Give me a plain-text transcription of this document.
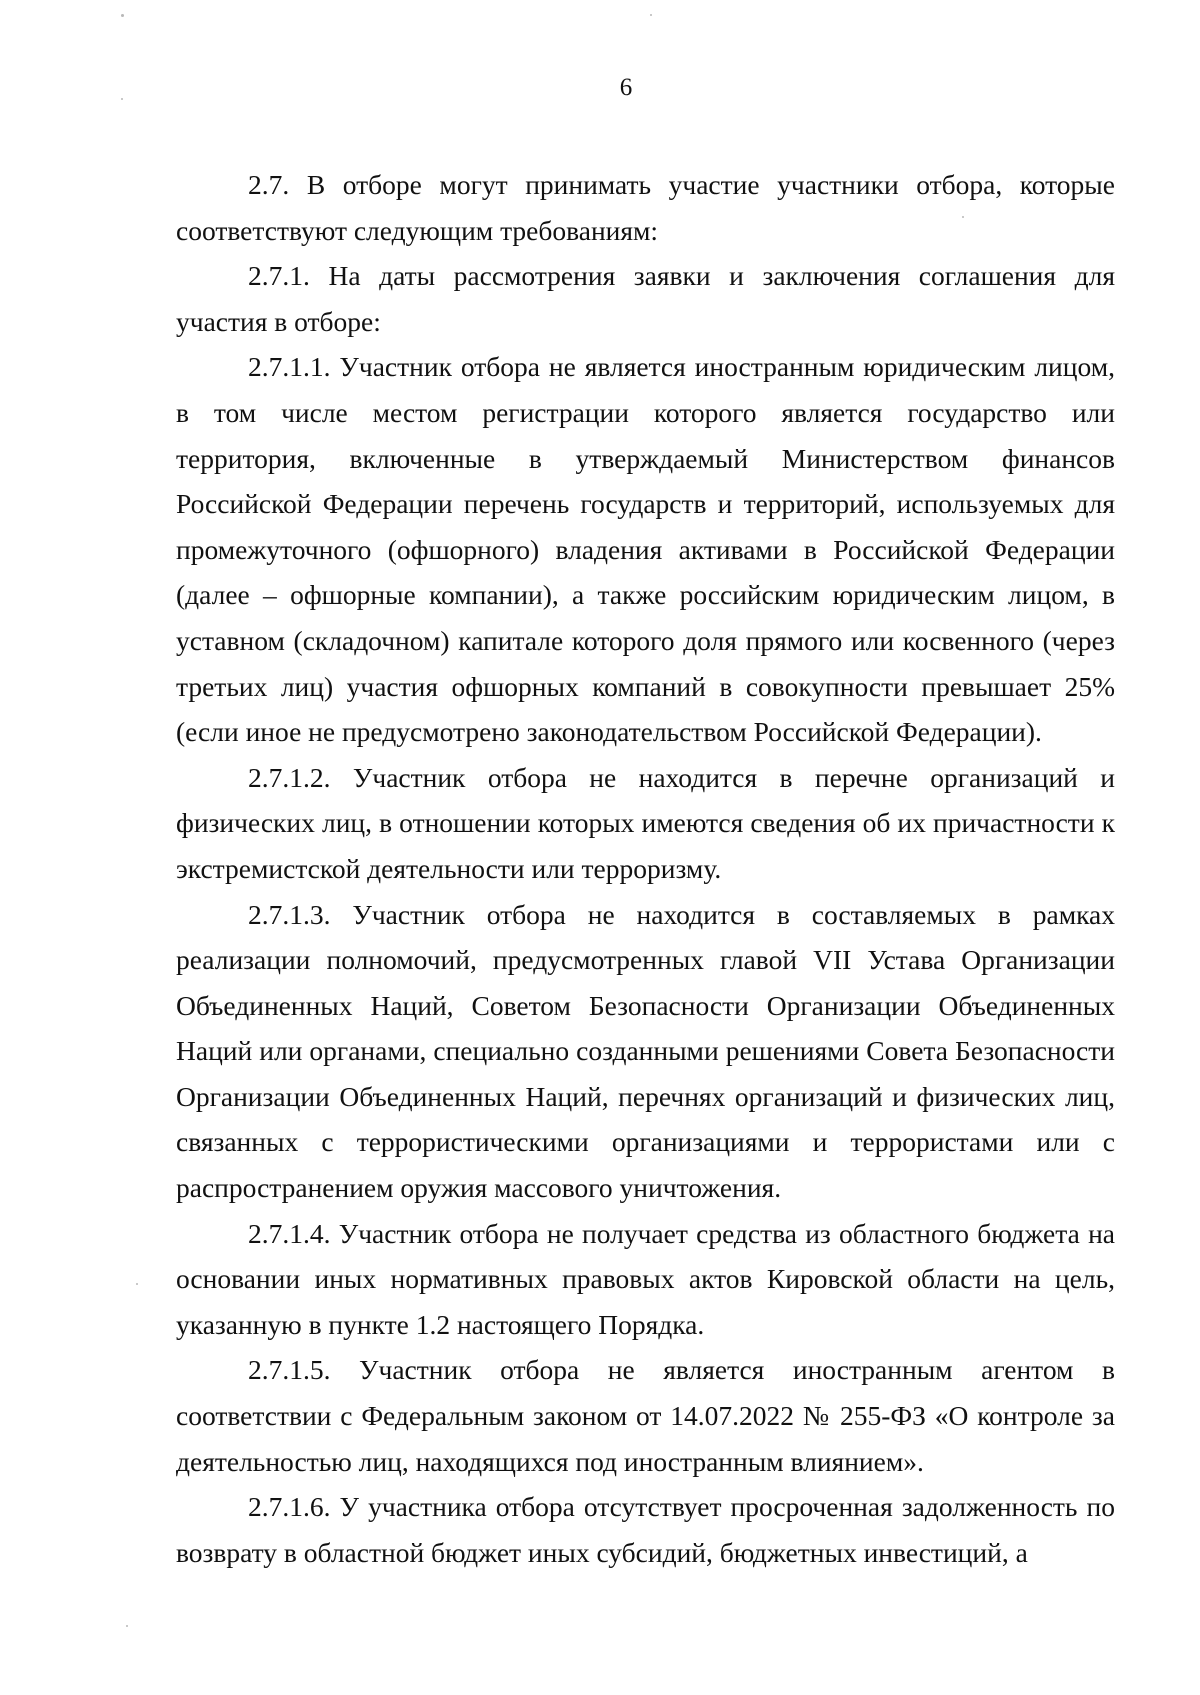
6

2.7. В отборе могут принимать участие участники отбора, которые соответствуют следующим требованиям:

2.7.1. На даты рассмотрения заявки и заключения соглашения для участия в отборе:

2.7.1.1. Участник отбора не является иностранным юридическим лицом, в том числе местом регистрации которого является государство или территория, включенные в утверждаемый Министерством финансов Российской Федерации перечень государств и территорий, используемых для промежуточного (офшорного) владения активами в Российской Федерации (далее – офшорные компании), а также российским юридическим лицом, в уставном (складочном) капитале которого доля прямого или косвенного (через третьих лиц) участия офшорных компаний в совокупности превышает 25% (если иное не предусмотрено законодательством Российской Федерации).

2.7.1.2. Участник отбора не находится в перечне организаций и физических лиц, в отношении которых имеются сведения об их причастности к экстремистской деятельности или терроризму.

2.7.1.3. Участник отбора не находится в составляемых в рамках реализации полномочий, предусмотренных главой VII Устава Организации Объединенных Наций, Советом Безопасности Организации Объединенных Наций или органами, специально созданными решениями Совета Безопасности Организации Объединенных Наций, перечнях организаций и физических лиц, связанных с террористическими организациями и террористами или с распространением оружия массового уничтожения.

2.7.1.4. Участник отбора не получает средства из областного бюджета на основании иных нормативных правовых актов Кировской области на цель, указанную в пункте 1.2 настоящего Порядка.

2.7.1.5. Участник отбора не является иностранным агентом в соответствии с Федеральным законом от 14.07.2022 № 255-ФЗ «О контроле за деятельностью лиц, находящихся под иностранным влиянием».

2.7.1.6. У участника отбора отсутствует просроченная задолженность по возврату в областной бюджет иных субсидий, бюджетных инвестиций, а
